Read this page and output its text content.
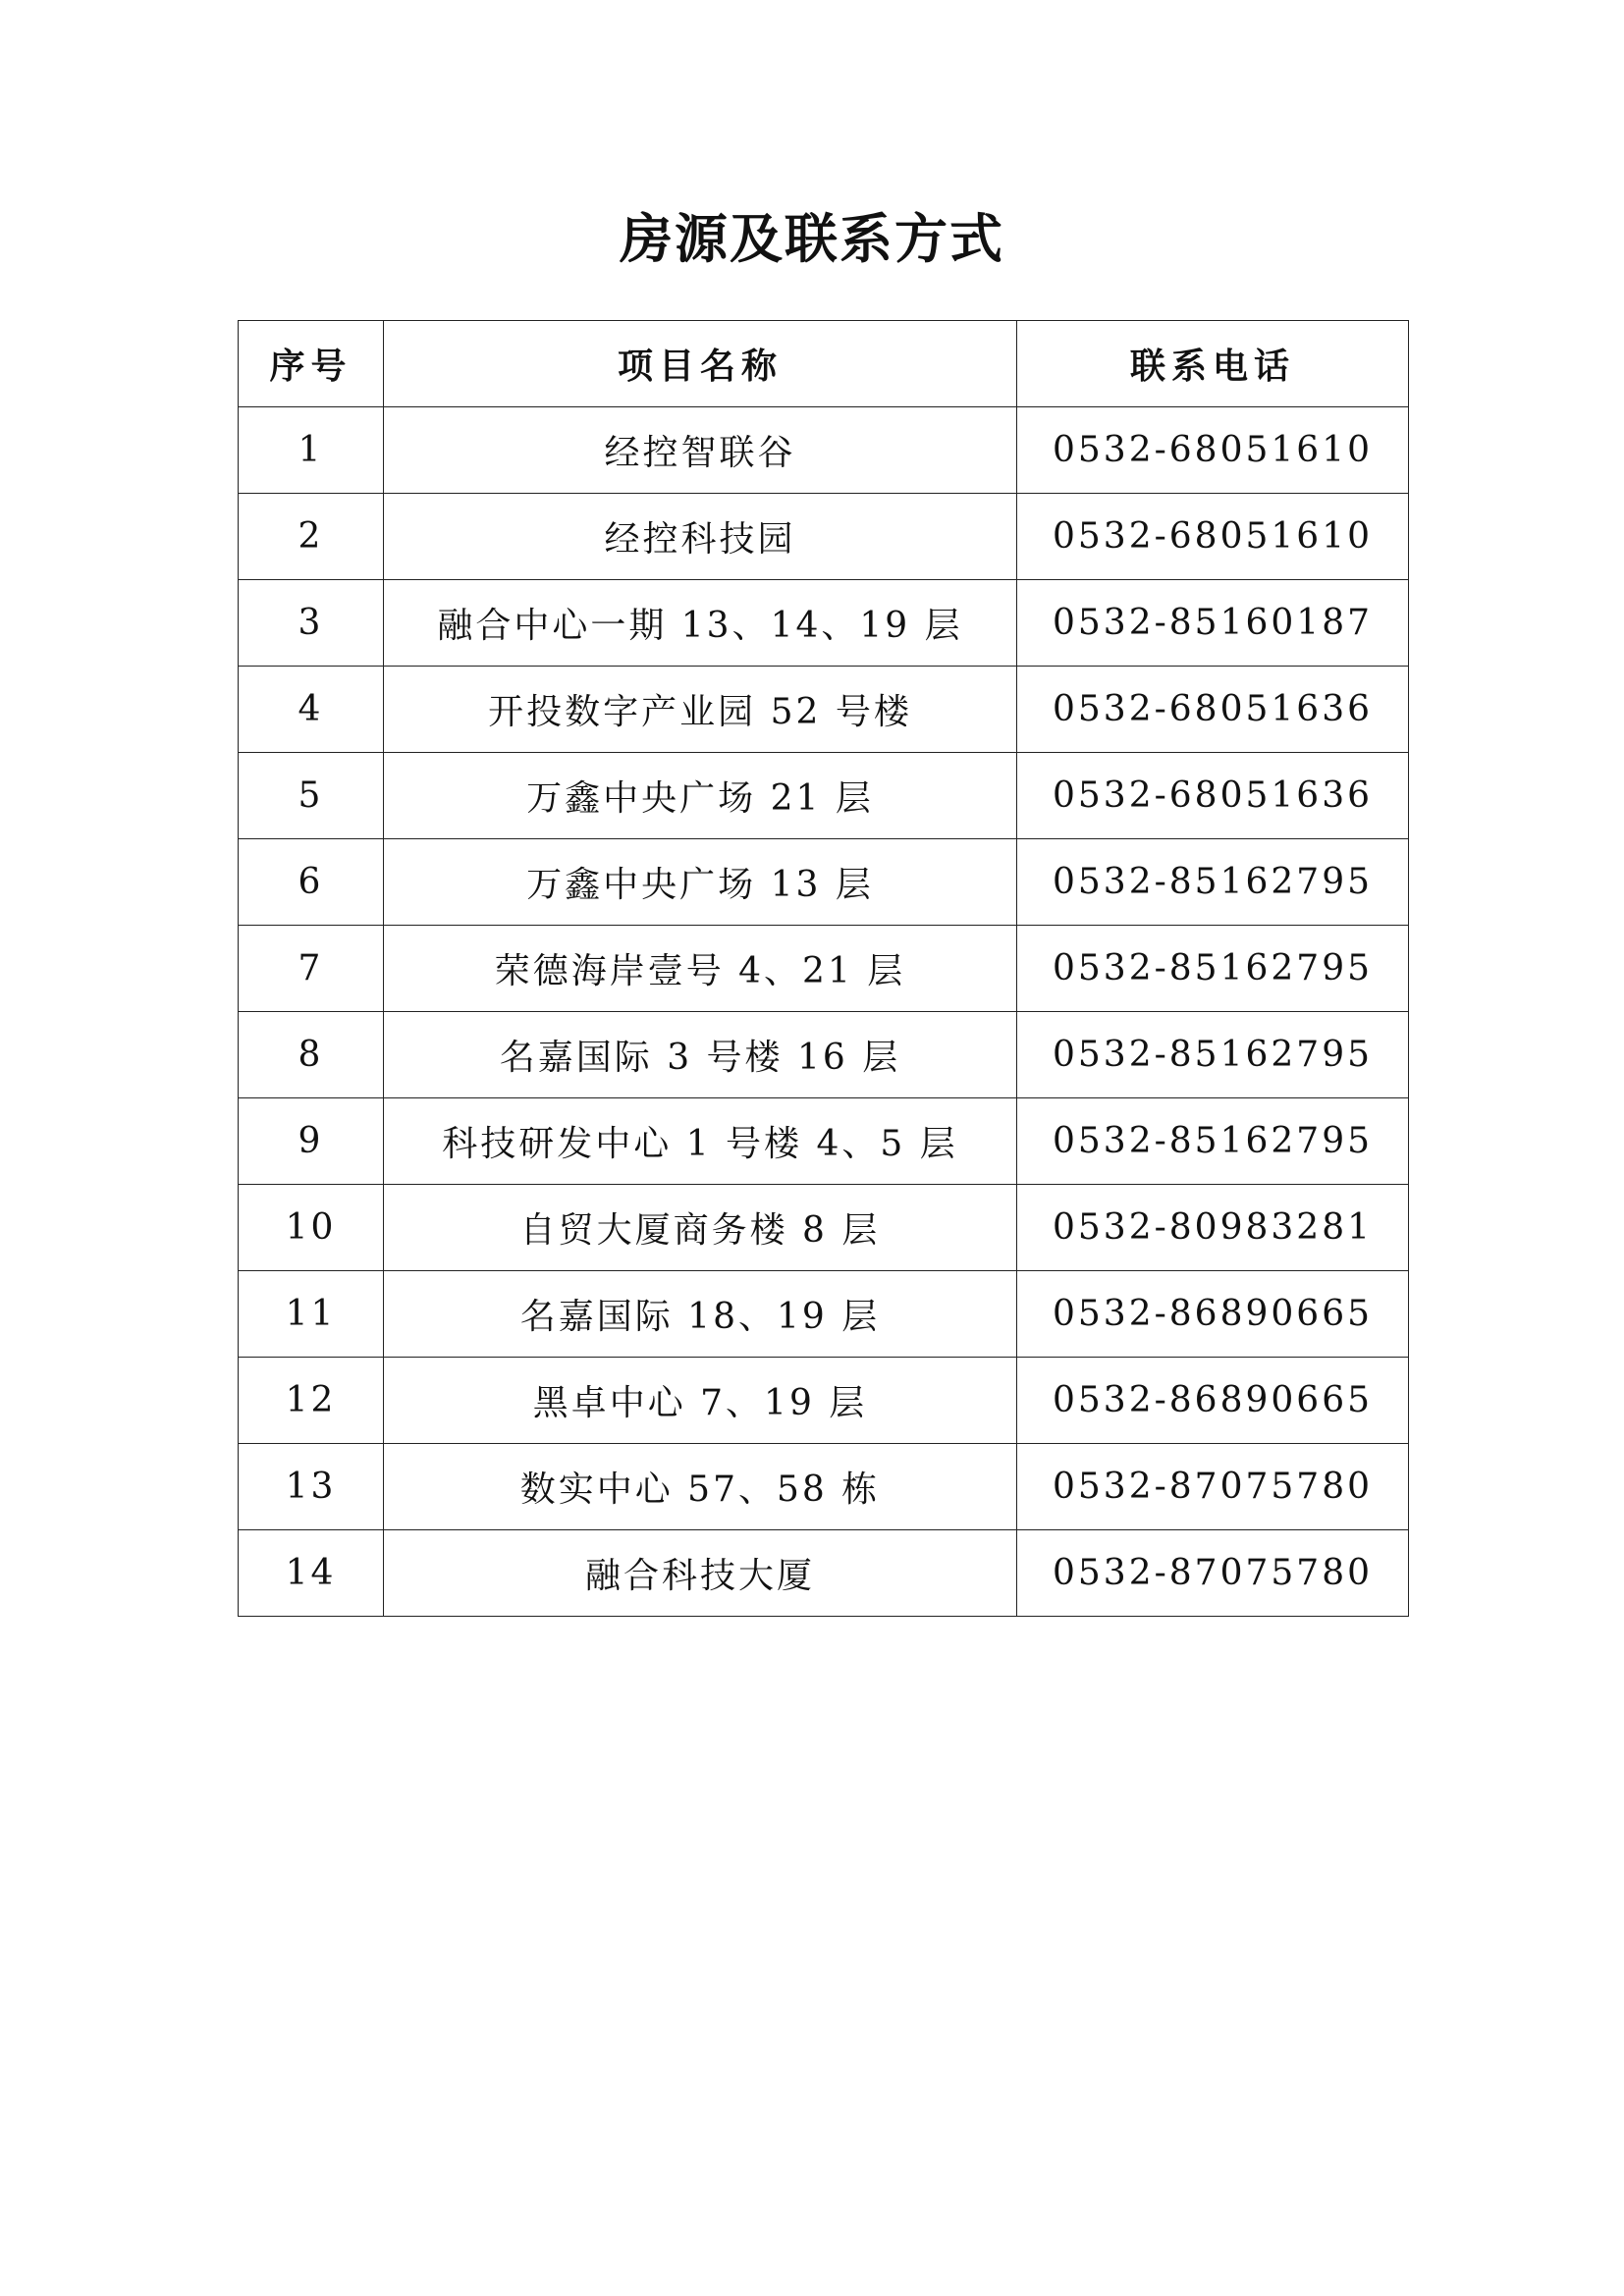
房源及联系方式
序号	项目名称	联系电话
1	经控智联谷	0532-68051610
2	经控科技园	0532-68051610
3	融合中心一期 13、14、19 层	0532-85160187
4	开投数字产业园 52 号楼	0532-68051636
5	万鑫中央广场 21 层	0532-68051636
6	万鑫中央广场 13 层	0532-85162795
7	荣德海岸壹号 4、21 层	0532-85162795
8	名嘉国际 3 号楼 16 层	0532-85162795
9	科技研发中心 1 号楼 4、5 层	0532-85162795
10	自贸大厦商务楼 8 层	0532-80983281
11	名嘉国际 18、19 层	0532-86890665
12	黑卓中心 7、19 层	0532-86890665
13	数实中心 57、58 栋	0532-87075780
14	融合科技大厦	0532-87075780
